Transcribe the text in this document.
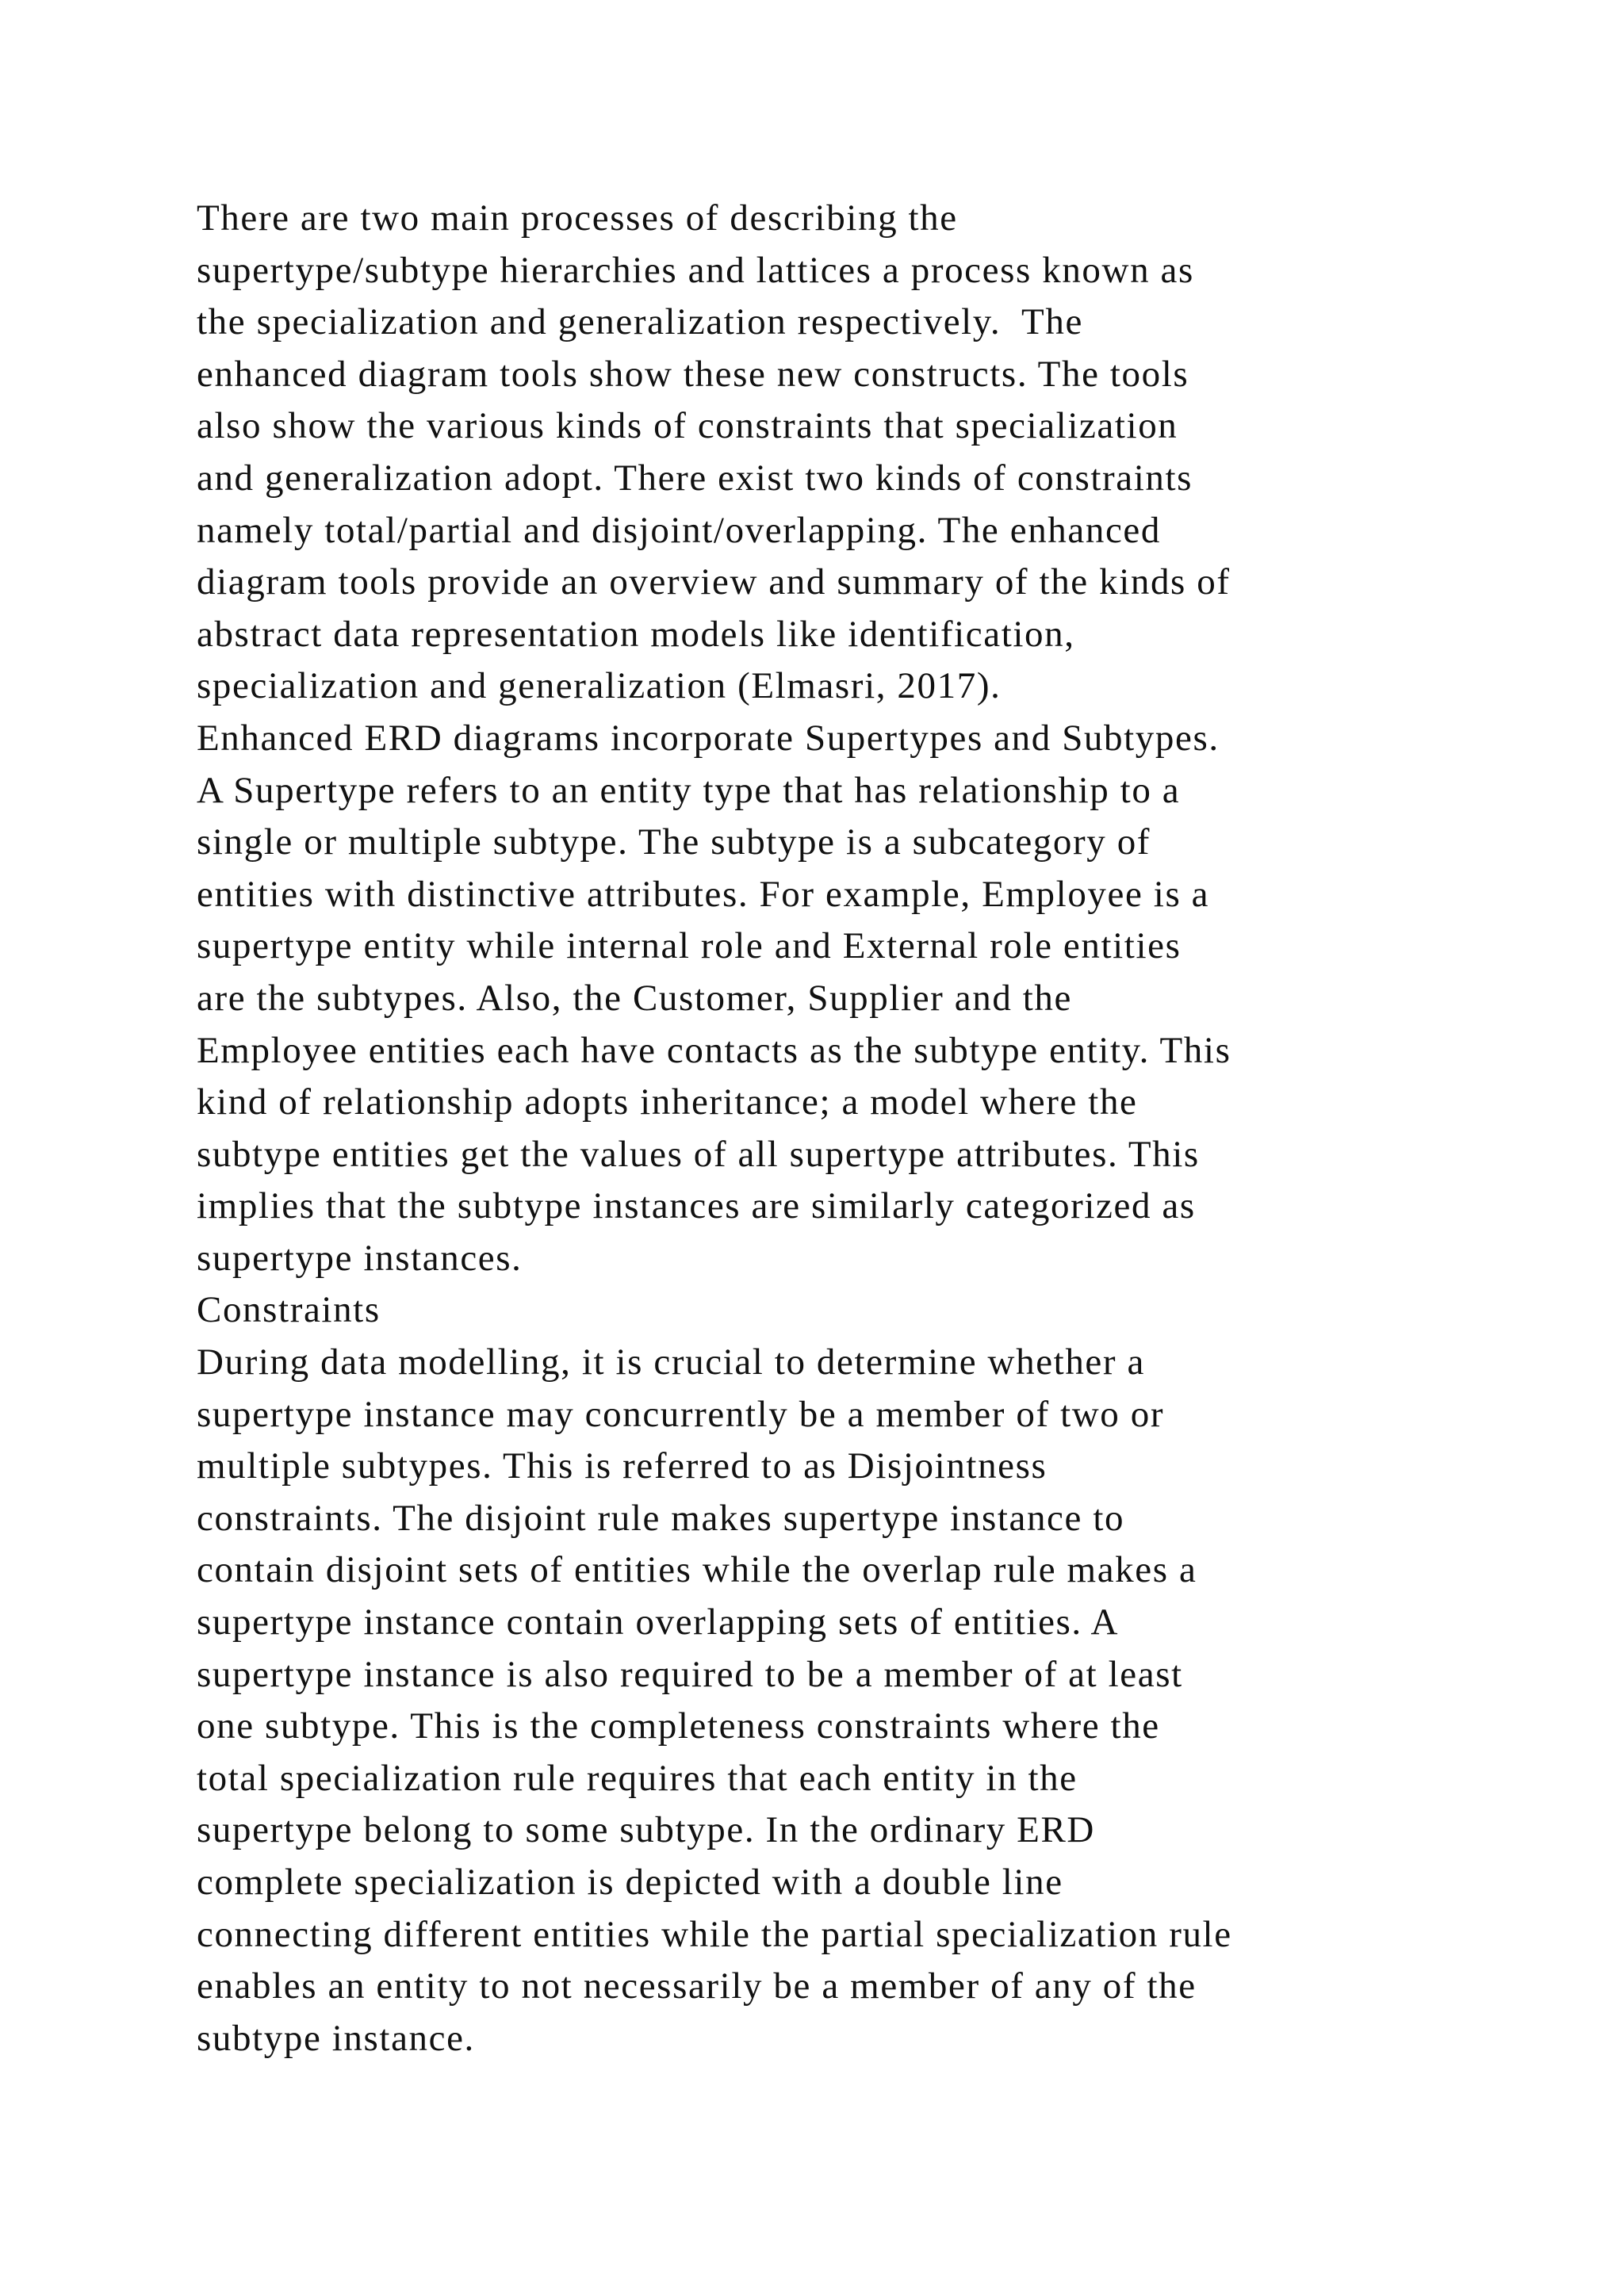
There are two main processes of describing the
supertype/subtype hierarchies and lattices a process known as
the specialization and generalization respectively.  The
enhanced diagram tools show these new constructs. The tools
also show the various kinds of constraints that specialization
and generalization adopt. There exist two kinds of constraints
namely total/partial and disjoint/overlapping. The enhanced
diagram tools provide an overview and summary of the kinds of
abstract data representation models like identification,
specialization and generalization (Elmasri, 2017).
Enhanced ERD diagrams incorporate Supertypes and Subtypes.
A Supertype refers to an entity type that has relationship to a
single or multiple subtype. The subtype is a subcategory of
entities with distinctive attributes. For example, Employee is a
supertype entity while internal role and External role entities
are the subtypes. Also, the Customer, Supplier and the
Employee entities each have contacts as the subtype entity. This
kind of relationship adopts inheritance; a model where the
subtype entities get the values of all supertype attributes. This
implies that the subtype instances are similarly categorized as
supertype instances.
Constraints
During data modelling, it is crucial to determine whether a
supertype instance may concurrently be a member of two or
multiple subtypes. This is referred to as Disjointness
constraints. The disjoint rule makes supertype instance to
contain disjoint sets of entities while the overlap rule makes a
supertype instance contain overlapping sets of entities. A
supertype instance is also required to be a member of at least
one subtype. This is the completeness constraints where the
total specialization rule requires that each entity in the
supertype belong to some subtype. In the ordinary ERD
complete specialization is depicted with a double line
connecting different entities while the partial specialization rule
enables an entity to not necessarily be a member of any of the
subtype instance.
